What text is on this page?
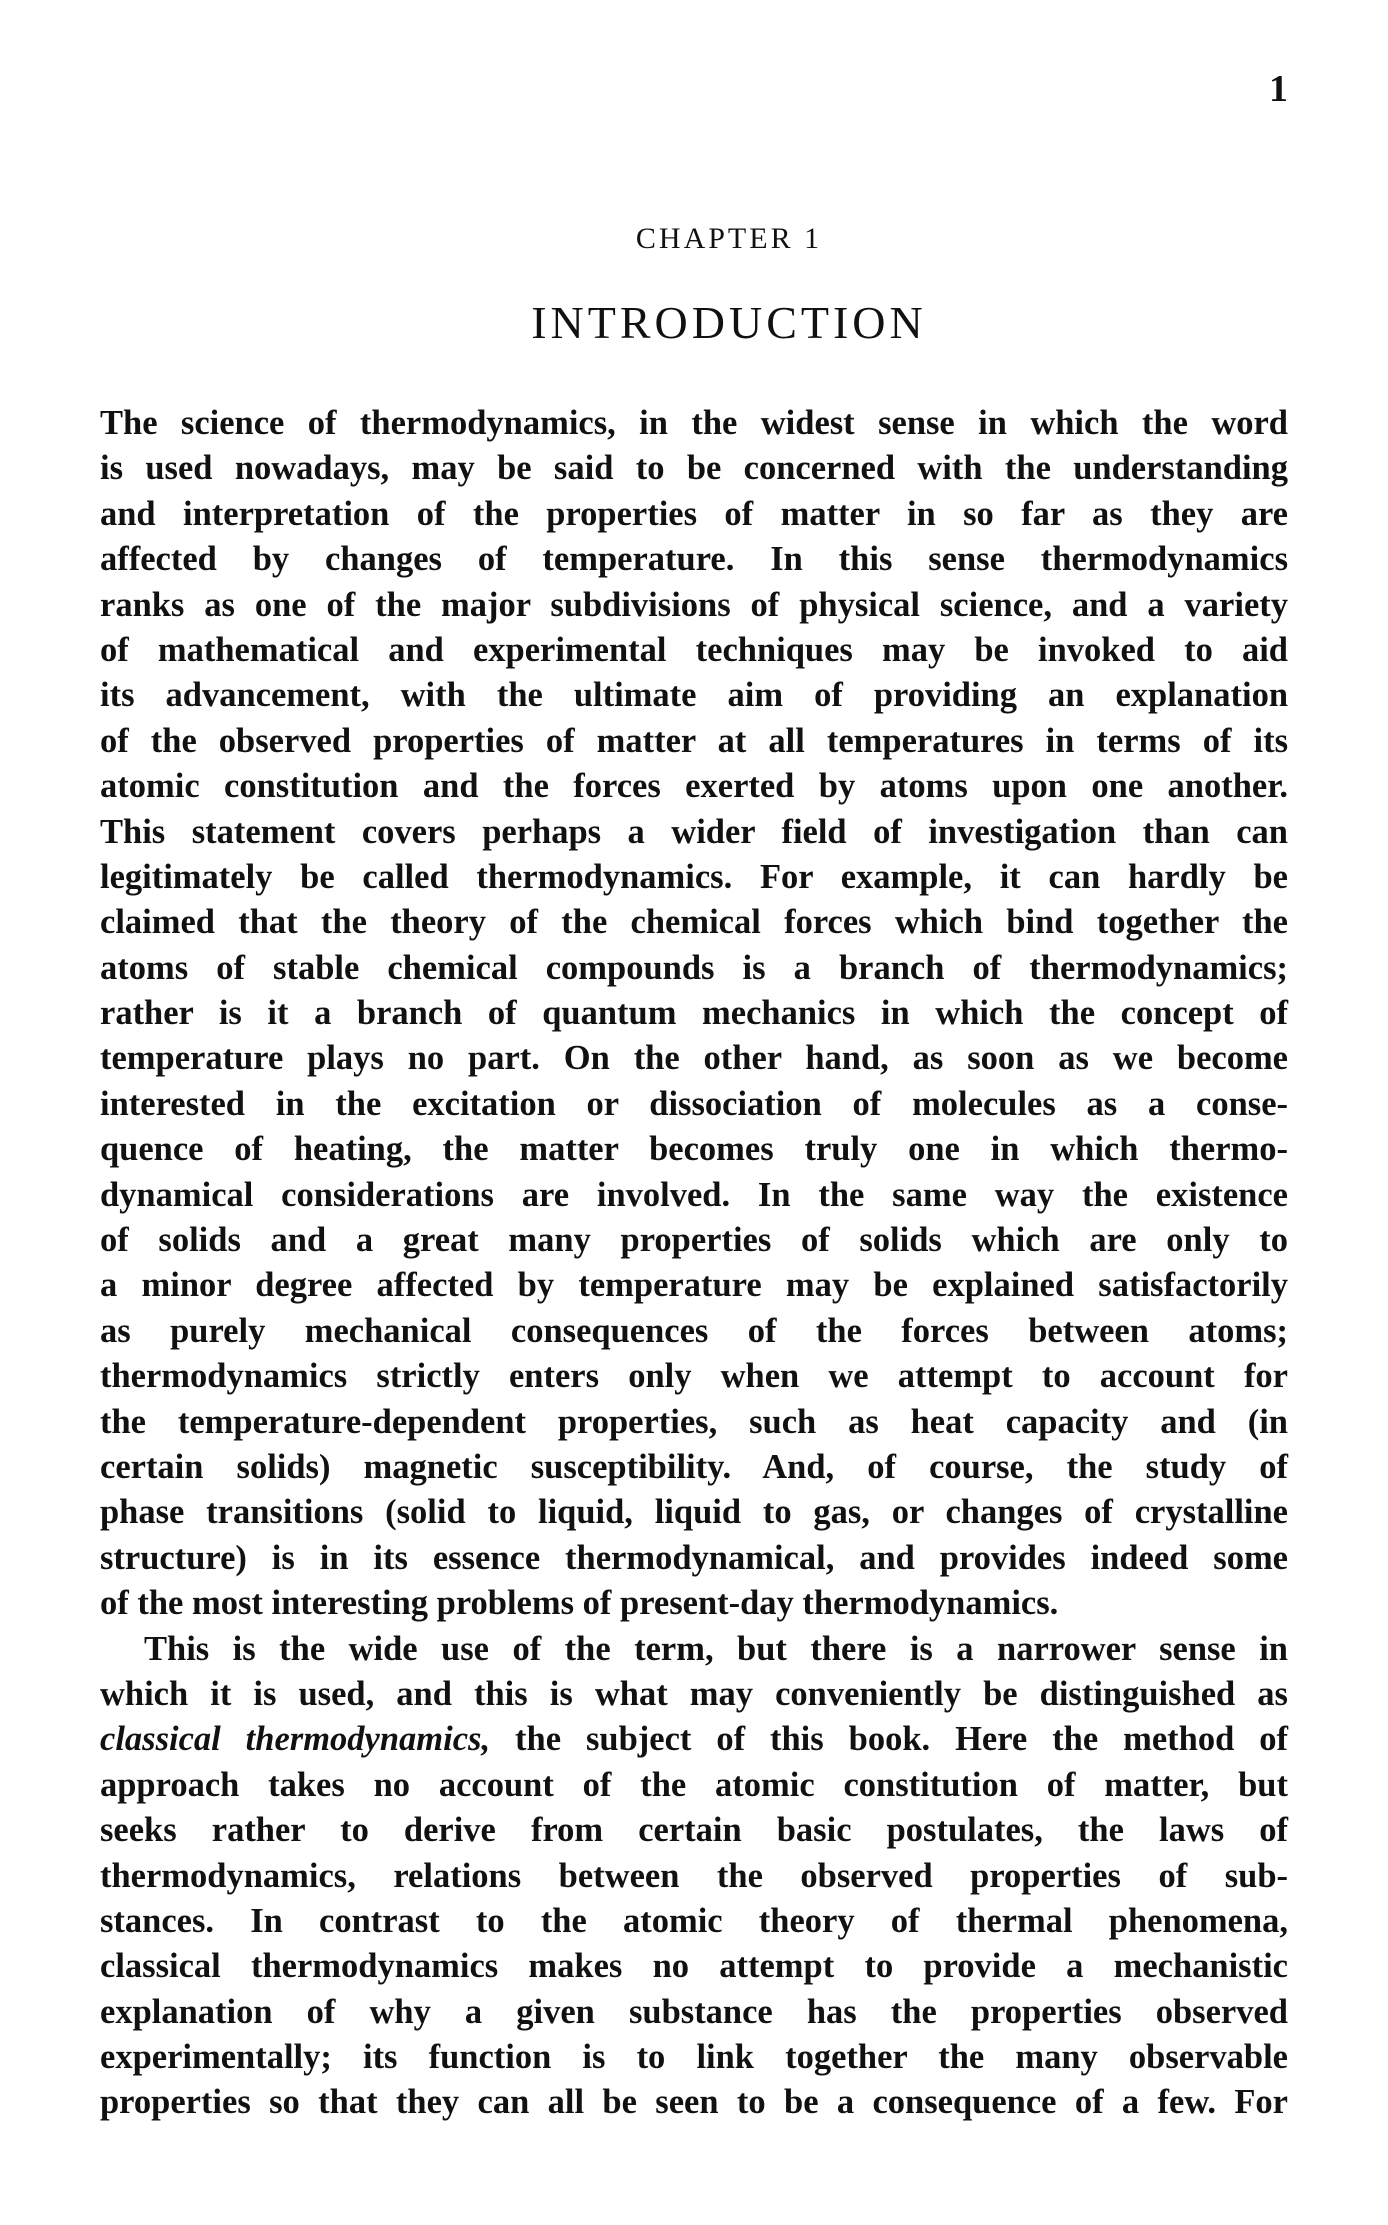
1
CHAPTER 1
INTRODUCTION
The science of thermodynamics, in the widest sense in which the word
is used nowadays, may be said to be concerned with the understanding
and interpretation of the properties of matter in so far as they are
affected by changes of temperature. In this sense thermodynamics
ranks as one of the major subdivisions of physical science, and a variety
of mathematical and experimental techniques may be invoked to aid
its advancement, with the ultimate aim of providing an explanation
of the observed properties of matter at all temperatures in terms of its
atomic constitution and the forces exerted by atoms upon one another.
This statement covers perhaps a wider field of investigation than can
legitimately be called thermodynamics. For example, it can hardly be
claimed that the theory of the chemical forces which bind together the
atoms of stable chemical compounds is a branch of thermodynamics;
rather is it a branch of quantum mechanics in which the concept of
temperature plays no part. On the other hand, as soon as we become
interested in the excitation or dissociation of molecules as a conse-
quence of heating, the matter becomes truly one in which thermo-
dynamical considerations are involved. In the same way the existence
of solids and a great many properties of solids which are only to
a minor degree affected by temperature may be explained satisfactorily
as purely mechanical consequences of the forces between atoms;
thermodynamics strictly enters only when we attempt to account for
the temperature-dependent properties, such as heat capacity and (in
certain solids) magnetic susceptibility. And, of course, the study of
phase transitions (solid to liquid, liquid to gas, or changes of crystalline
structure) is in its essence thermodynamical, and provides indeed some
of the most interesting problems of present-day thermodynamics.
This is the wide use of the term, but there is a narrower sense in
which it is used, and this is what may conveniently be distinguished as
classical thermodynamics, the subject of this book. Here the method of
approach takes no account of the atomic constitution of matter, but
seeks rather to derive from certain basic postulates, the laws of
thermodynamics, relations between the observed properties of sub-
stances. In contrast to the atomic theory of thermal phenomena,
classical thermodynamics makes no attempt to provide a mechanistic
explanation of why a given substance has the properties observed
experimentally; its function is to link together the many observable
properties so that they can all be seen to be a consequence of a few. For
